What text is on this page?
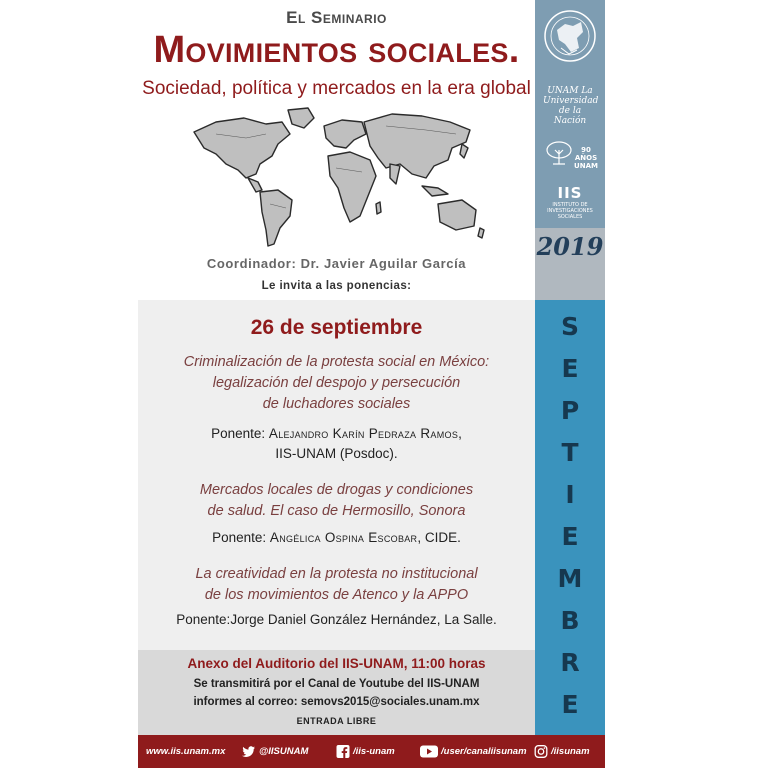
El Seminario
Movimientos sociales.
Sociedad, política y mercados en la era global
Coordinador: Dr. Javier Aguilar García
Le invita a las ponencias:
26 de septiembre
Criminalización de la protesta social en México:
legalización del despojo y persecución
de luchadores sociales
Ponente: Alejandro Karín Pedraza Ramos,
IIS-UNAM (Posdoc).
Mercados locales de drogas y condiciones
de salud. El caso de Hermosillo, Sonora
Ponente: Angélica Ospina Escobar, CIDE.
La creatividad en la protesta no institucional
de los movimientos de Atenco y la APPO
Ponente:Jorge Daniel González Hernández, La Salle.
Anexo del Auditorio del IIS-UNAM, 11:00 horas
Se transmitirá por el Canal de Youtube del IIS-UNAM
informes al correo: semovs2015@sociales.unam.mx
ENTRADA LIBRE
UNAM La Universidad de la Nación
90 AÑOS UNAM
IIS
INSTITUTO DE INVESTIGACIONES SOCIALES
2019
S
E
P
T
I
E
M
B
R
E
www.iis.unam.mx	@IISUNAM	/iis-unam	/user/canaliisunam	/iisunam
